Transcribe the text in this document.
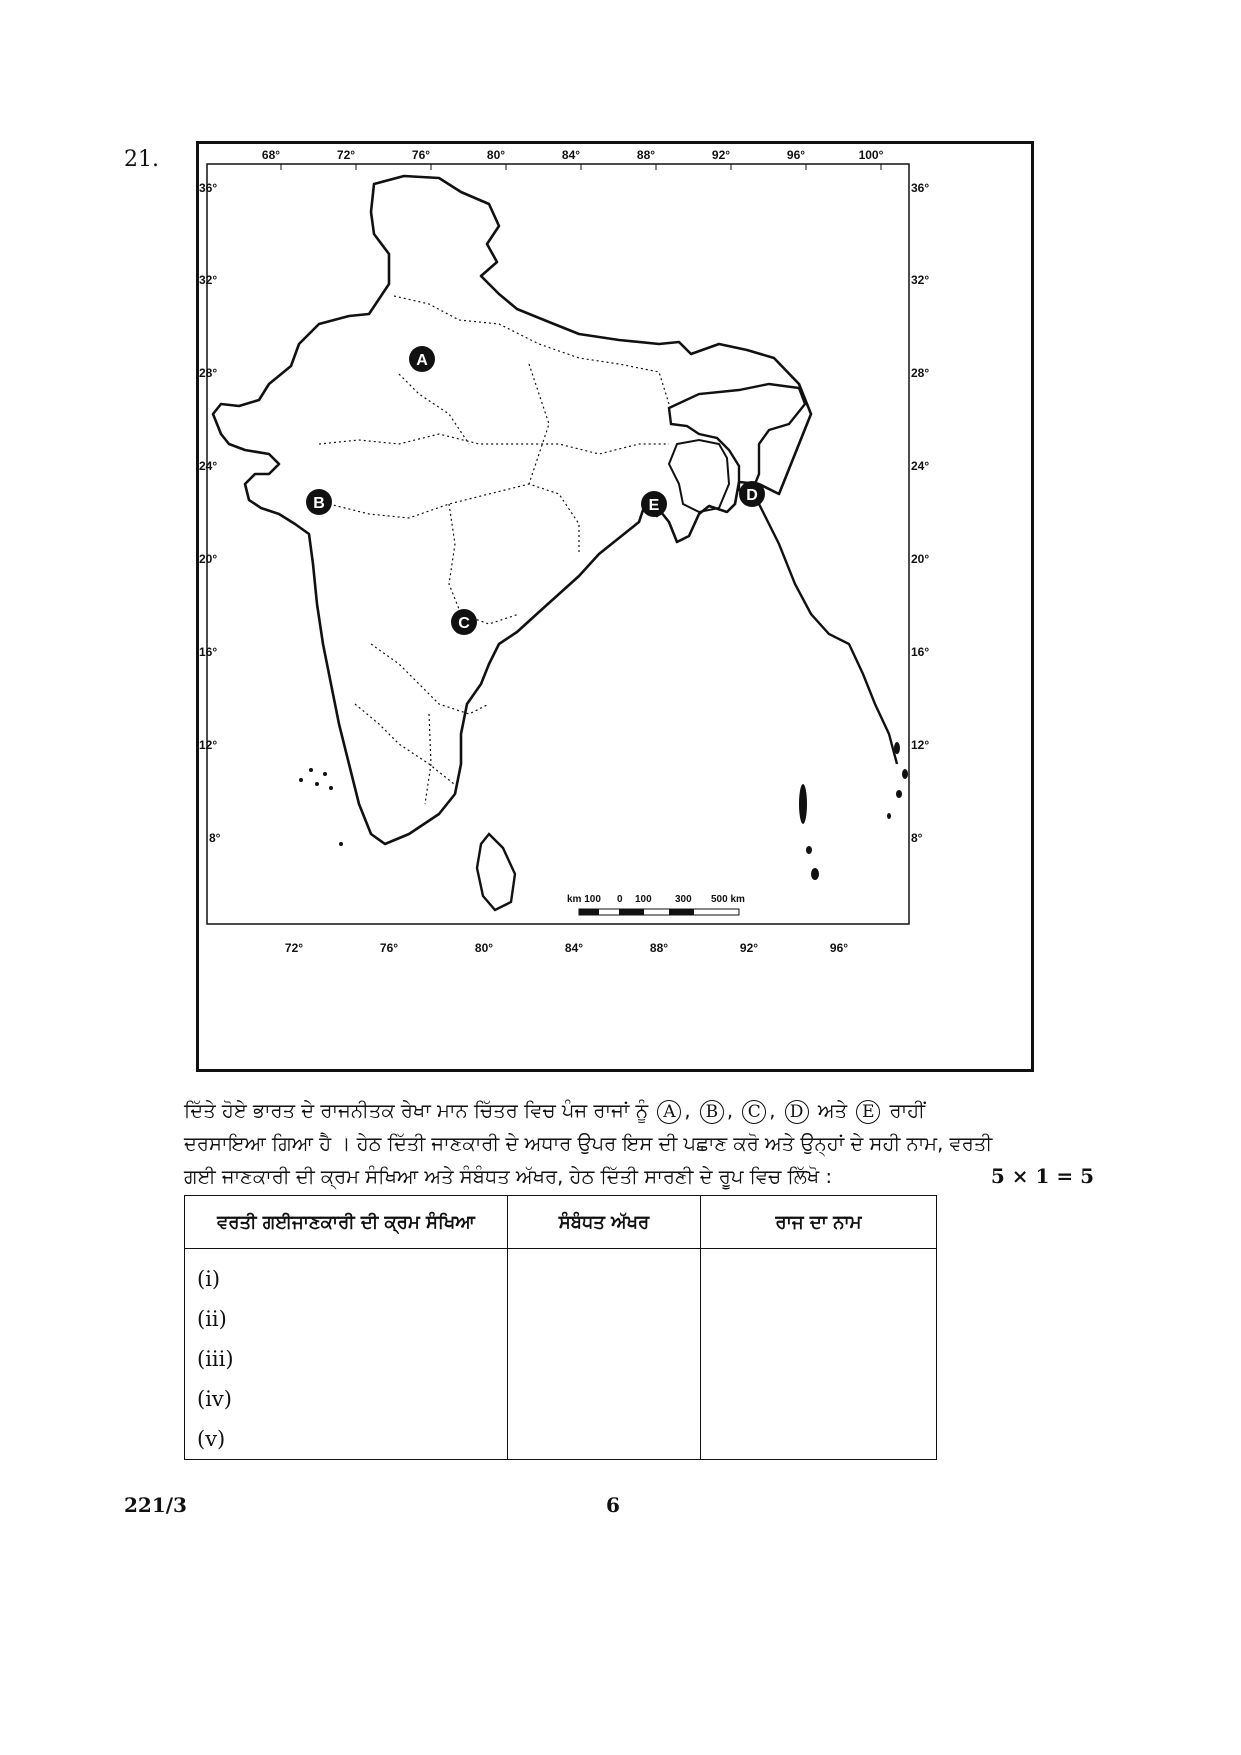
21.
A
B
C
D
E
68°	72°	76°	80°	84°	88°	92°	96°	100°
72°	76°	80°	84°	88°	92°	96°
36°
32°
28°
24°
20°
16°
12°
8°
36°
32°
28°
24°
20°
16°
12°
8°
km 100 0 100 300 500 km
ਦਿੱਤੇ ਹੋਏ ਭਾਰਤ ਦੇ ਰਾਜਨੀਤਕ ਰੇਖਾ ਮਾਨ ਚਿੱਤਰ ਵਿਚ ਪੰਜ ਰਾਜਾਂ ਨੂੰ A , B , C , D ਅਤੇ E ਰਾਹੀਂ
ਦਰਸਾਇਆ ਗਿਆ ਹੈ । ਹੇਠ ਦਿੱਤੀ ਜਾਣਕਾਰੀ ਦੇ ਅਧਾਰ ਉਪਰ ਇਸ ਦੀ ਪਛਾਣ ਕਰੋ ਅਤੇ ਉਨ੍ਹਾਂ ਦੇ ਸਹੀ ਨਾਮ, ਵਰਤੀ
ਗਈ ਜਾਣਕਾਰੀ ਦੀ ਕ੍ਰਮ ਸੰਖਿਆ ਅਤੇ ਸੰਬੰਧਤ ਅੱਖਰ, ਹੇਠ ਦਿੱਤੀ ਸਾਰਣੀ ਦੇ ਰੂਪ ਵਿਚ ਲਿੱਖੋ :	5 × 1 = 5
ਵਰਤੀ ਗਈਜਾਣਕਾਰੀ ਦੀ ਕ੍ਰਮ ਸੰਖਿਆ	ਸੰਬੰਧਤ ਅੱਖਰ	ਰਾਜ ਦਾ ਨਾਮ

(i)
(ii)
(iii)
(iv)
(v)		

221/3	6
